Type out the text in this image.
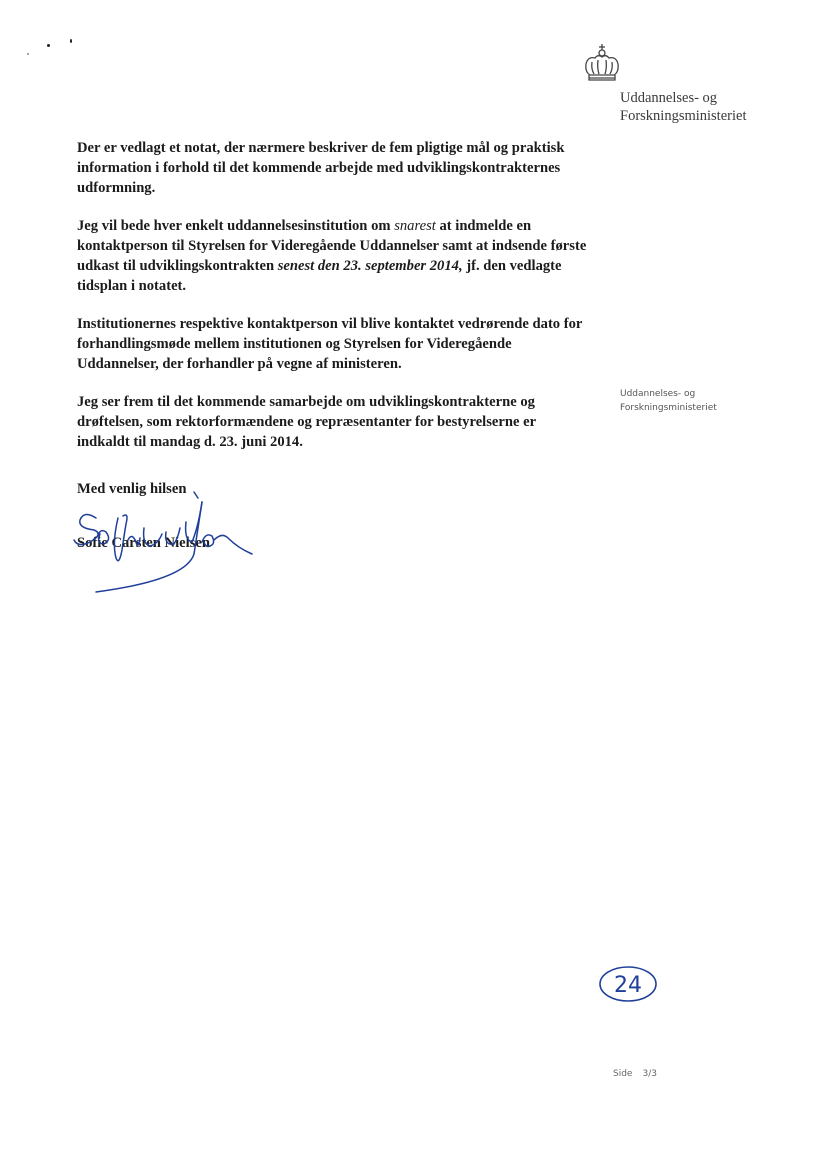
Uddannelses- og
Forskningsministeriet

Der er vedlagt et notat, der nærmere beskriver de fem pligtige mål og praktisk information i forhold til det kommende arbejde med udviklingskontrakternes udformning.

Jeg vil bede hver enkelt uddannelsesinstitution om snarest at indmelde en kontaktperson til Styrelsen for Videregående Uddannelser samt at indsende første udkast til udviklingskontrakten senest den 23. september 2014, jf. den vedlagte tidsplan i notatet.

Institutionernes respektive kontaktperson vil blive kontaktet vedrørende dato for forhandlingsmøde mellem institutionen og Styrelsen for Videregående Uddannelser, der forhandler på vegne af ministeren.

Jeg ser frem til det kommende samarbejde om udviklingskontrakterne og drøftelsen, som rektorformændene og repræsentanter for bestyrelserne er indkaldt til mandag d. 23. juni 2014.

Uddannelses- og
Forskningsministeriet
Med venlig hilsen
Sofie Carsten Nielsen
24
Side 3/3
